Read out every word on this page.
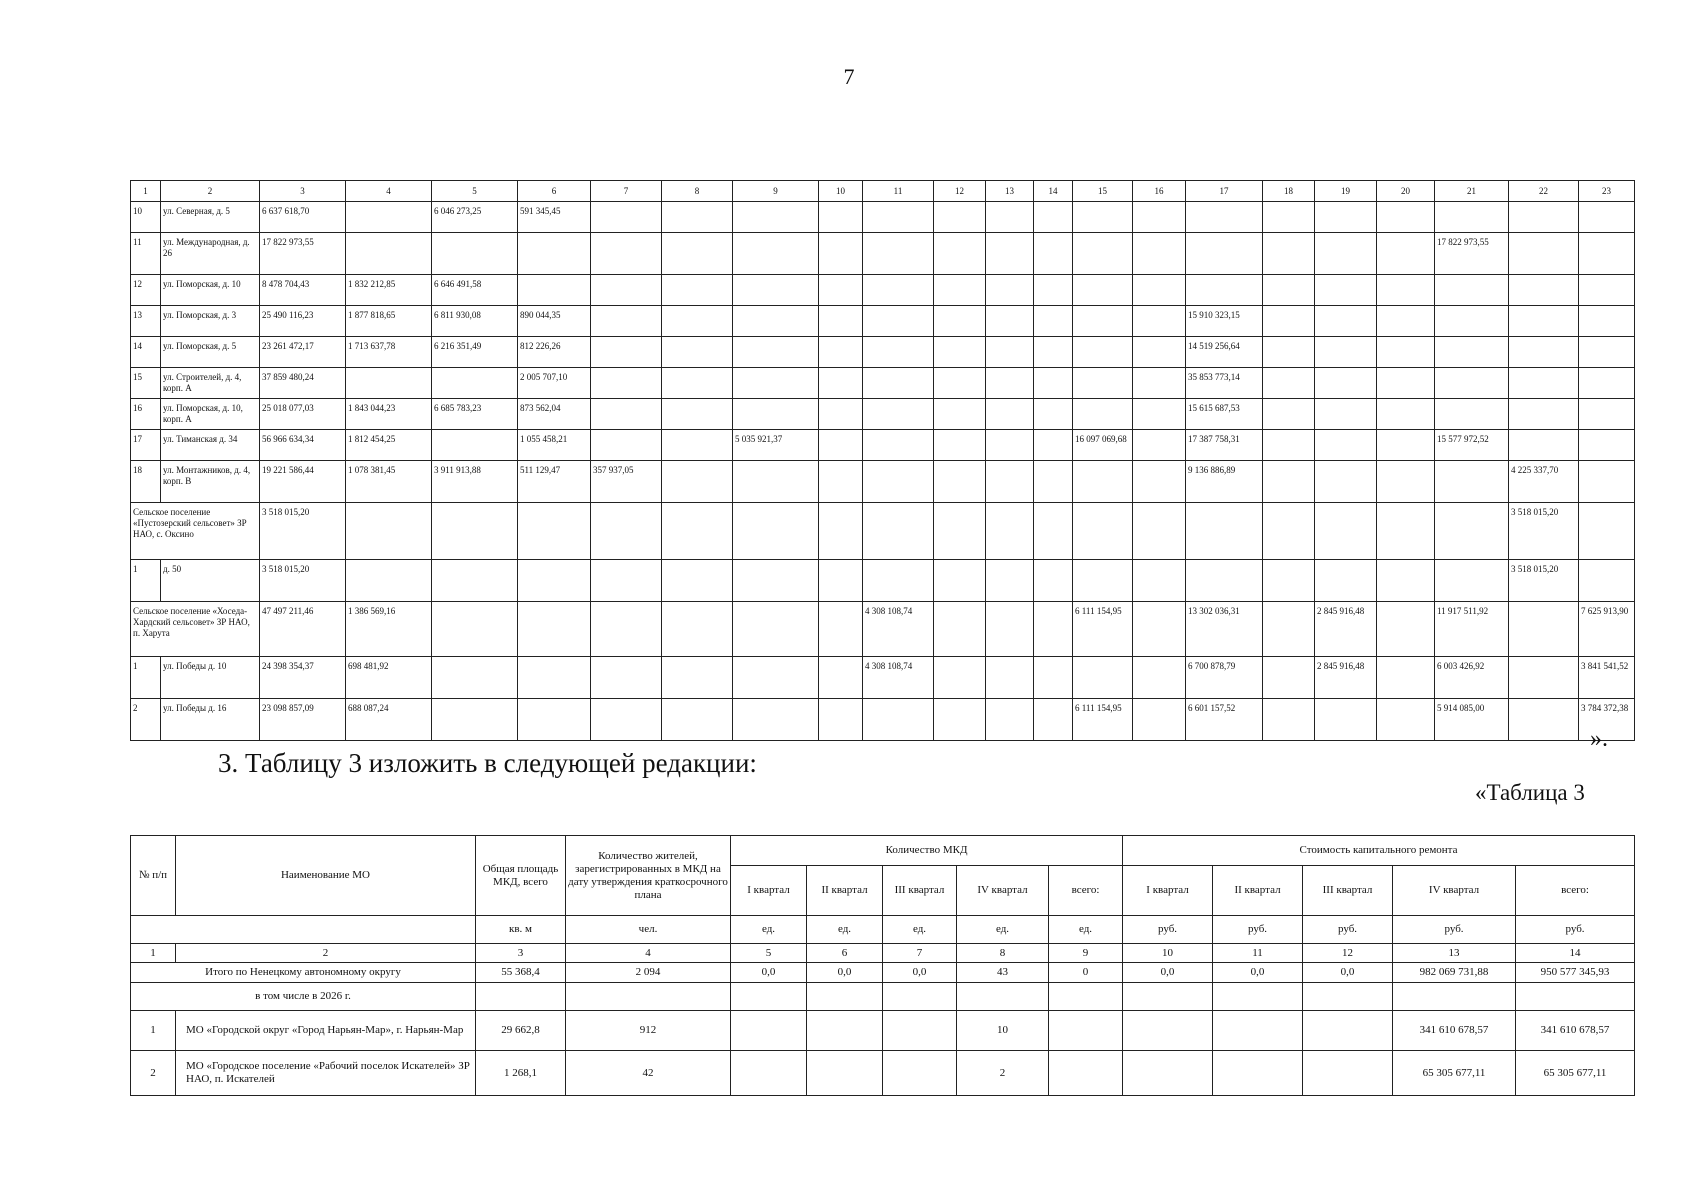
7
1	2	3	4	5	6	7	8	9	10	11	12	13	14	15	16	17	18	19	20	21	22	23
10	ул. Северная, д. 5	6 637 618,70		6 046 273,25	591 345,45																	
11	ул. Международная, д. 26	17 822 973,55																		17 822 973,55		
12	ул. Поморская, д. 10	8 478 704,43	1 832 212,85	6 646 491,58																		
13	ул. Поморская, д. 3	25 490 116,23	1 877 818,65	6 811 930,08	890 044,35											15 910 323,15						
14	ул. Поморская, д. 5	23 261 472,17	1 713 637,78	6 216 351,49	812 226,26											14 519 256,64						
15	ул. Строителей, д. 4, корп. А	37 859 480,24			2 005 707,10											35 853 773,14						
16	ул. Поморская, д. 10, корп. А	25 018 077,03	1 843 044,23	6 685 783,23	873 562,04											15 615 687,53						
17	ул. Тиманская д. 34	56 966 634,34	1 812 454,25		1 055 458,21			5 035 921,37						16 097 069,68		17 387 758,31				15 577 972,52		
18	ул. Монтажников, д. 4, корп. В	19 221 586,44	1 078 381,45	3 911 913,88	511 129,47	357 937,05										9 136 886,89					4 225 337,70	
Сельское поселение «Пустозерский сельсовет» ЗР НАО, с. Оксино		3 518 015,20																			3 518 015,20	
1	д. 50	3 518 015,20																			3 518 015,20	
Сельское поселение «Хоседа-Хардский сельсовет» ЗР НАО, п. Харута		47 497 211,46	1 386 569,16							4 308 108,74				6 111 154,95		13 302 036,31		2 845 916,48		11 917 511,92		7 625 913,90
1	ул. Победы д. 10	24 398 354,37	698 481,92							4 308 108,74						6 700 878,79		2 845 916,48		6 003 426,92		3 841 541,52
2	ул. Победы д. 16	23 098 857,09	688 087,24											6 111 154,95		6 601 157,52				5 914 085,00		3 784 372,38
».
3. Таблицу 3 изложить в следующей редакции:
«Таблица 3
№ п/п	Наименование МО	Общая площадь МКД, всего	Количество жителей, зарегистрированных в МКД на дату утверждения краткосрочного плана	Количество МКД					Стоимость капитального ремонта				
				I квартал	II квартал	III квартал	IV квартал	всего:	I квартал	II квартал	III квартал	IV квартал	всего:
		кв. м	чел.	ед.	ед.	ед.	ед.	ед.	руб.	руб.	руб.	руб.	руб.
1	2	3	4	5	6	7	8	9	10	11	12	13	14
Итого по Ненецкому автономному округу		55 368,4	2 094	0,0	0,0	0,0	43	0	0,0	0,0	0,0	982 069 731,88	950 577 345,93
в том числе в 2026 г.													
1	МО «Городской округ «Город Нарьян-Мар», г. Нарьян-Мар	29 662,8	912				10					341 610 678,57	341 610 678,57
2	МО «Городское поселение «Рабочий поселок Искателей» ЗР НАО, п. Искателей	1 268,1	42				2					65 305 677,11	65 305 677,11
